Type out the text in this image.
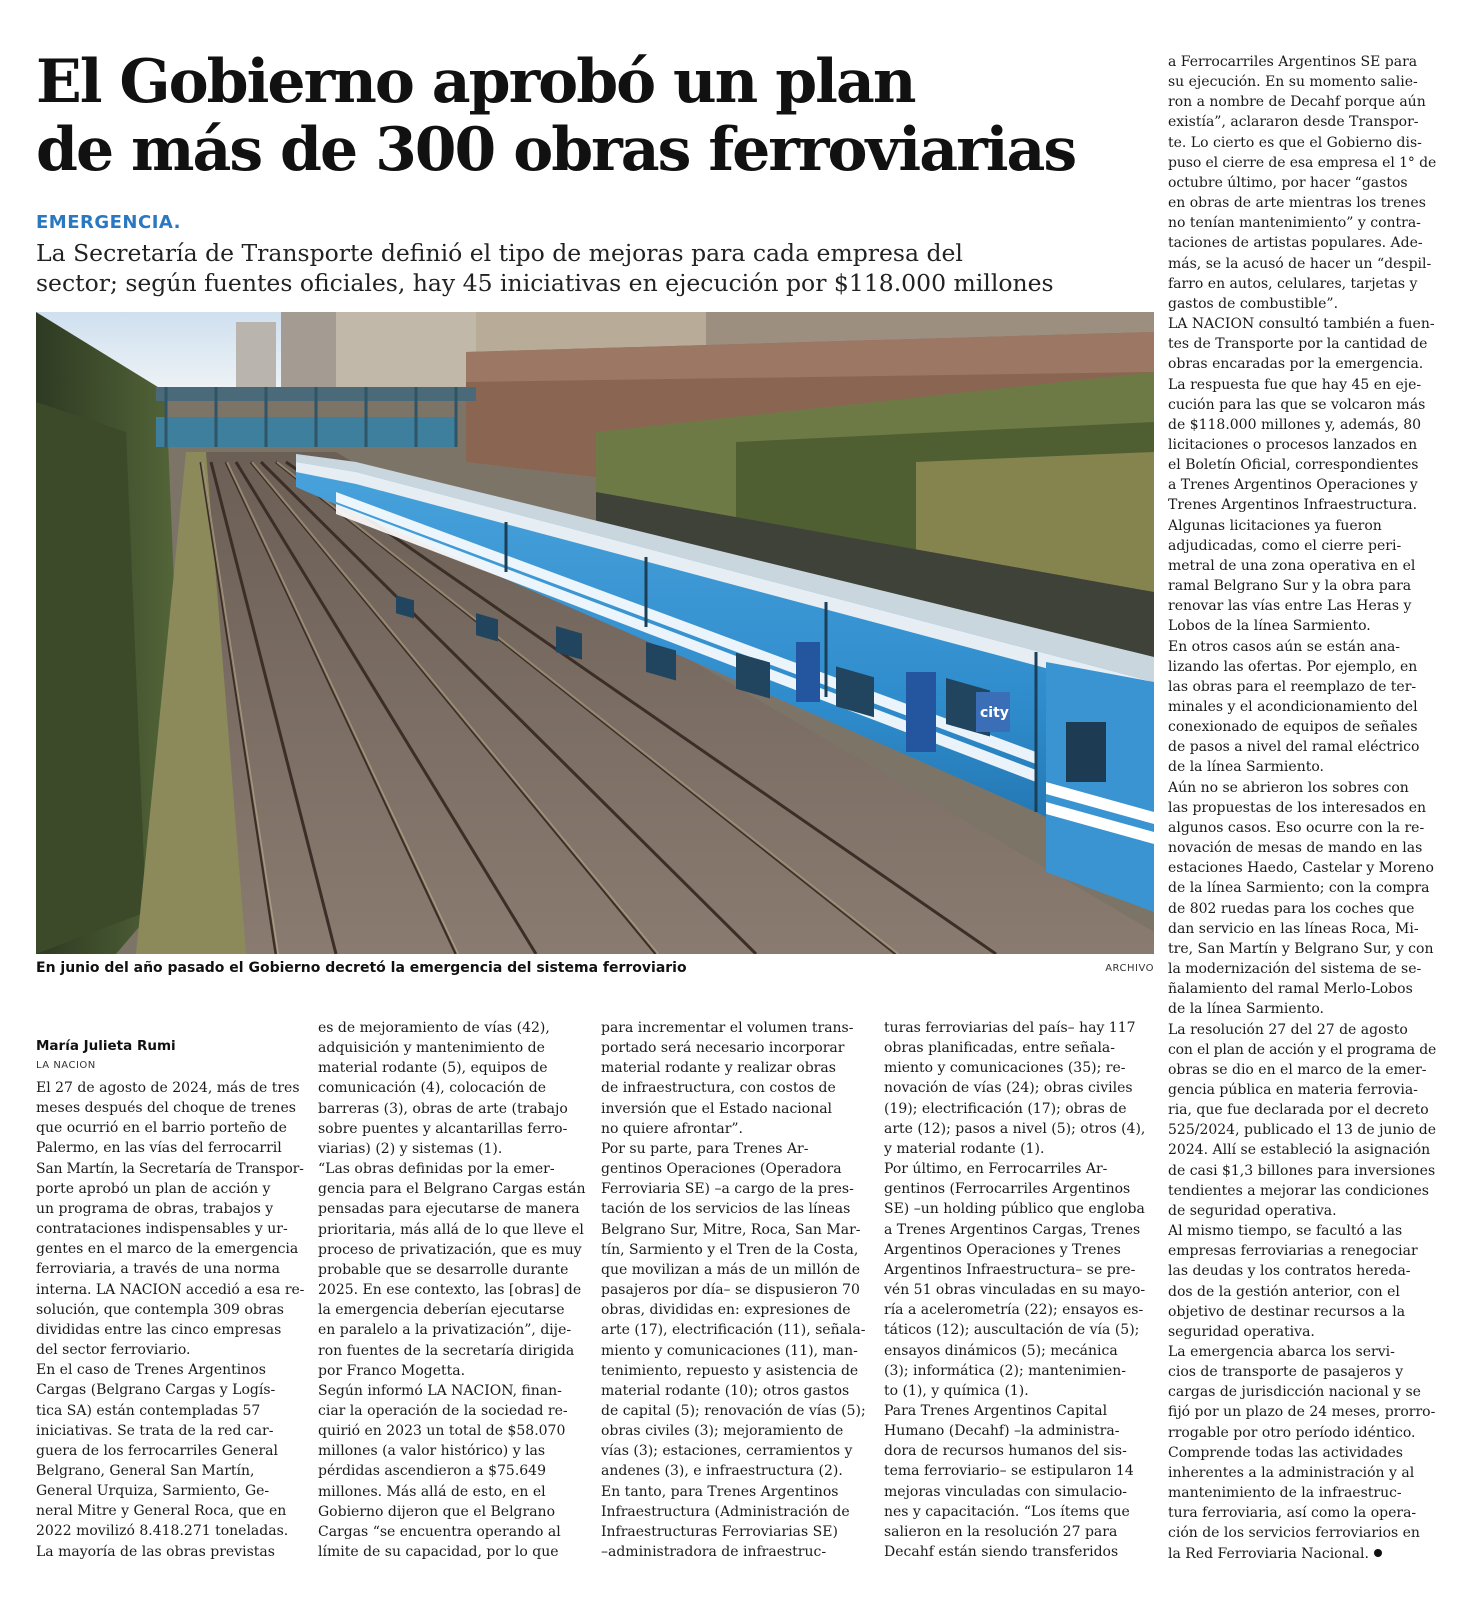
El Gobierno aprobó un plan
de más de 300 obras ferroviarias
EMERGENCIA.
La Secretaría de Transporte definió el tipo de mejoras para cada empresa del
sector; según fuentes oficiales, hay 45 iniciativas en ejecución por $118.000 millones
city
En junio del año pasado el Gobierno decretó la emergencia del sistema ferroviario	ARCHIVO
María Julieta Rumi
LA NACION
El 27 de agosto de 2024, más de tres
meses después del choque de trenes
que ocurrió en el barrio porteño de
Palermo, en las vías del ferrocarril
San Martín, la Secretaría de Transpor-
porte aprobó un plan de acción y
un programa de obras, trabajos y
contrataciones indispensables y ur-
gentes en el marco de la emergencia
ferroviaria, a través de una norma
interna. LA NACION accedió a esa re-
solución, que contempla 309 obras
divididas entre las cinco empresas
del sector ferroviario.
En el caso de Trenes Argentinos
Cargas (Belgrano Cargas y Logís-
tica SA) están contempladas 57
iniciativas. Se trata de la red car-
guera de los ferrocarriles General
Belgrano, General San Martín,
General Urquiza, Sarmiento, Ge-
neral Mitre y General Roca, que en
2022 movilizó 8.418.271 toneladas.
La mayoría de las obras previstas
es de mejoramiento de vías (42),
adquisición y mantenimiento de
material rodante (5), equipos de
comunicación (4), colocación de
barreras (3), obras de arte (trabajo
sobre puentes y alcantarillas ferro-
viarias) (2) y sistemas (1).
“Las obras definidas por la emer-
gencia para el Belgrano Cargas están
pensadas para ejecutarse de manera
prioritaria, más allá de lo que lleve el
proceso de privatización, que es muy
probable que se desarrolle durante
2025. En ese contexto, las [obras] de
la emergencia deberían ejecutarse
en paralelo a la privatización”, dije-
ron fuentes de la secretaría dirigida
por Franco Mogetta.
Según informó LA NACION, finan-
ciar la operación de la sociedad re-
quirió en 2023 un total de $58.070
millones (a valor histórico) y las
pérdidas ascendieron a $75.649
millones. Más allá de esto, en el
Gobierno dijeron que el Belgrano
Cargas “se encuentra operando al
límite de su capacidad, por lo que
para incrementar el volumen trans-
portado será necesario incorporar
material rodante y realizar obras
de infraestructura, con costos de
inversión que el Estado nacional
no quiere afrontar”.
Por su parte, para Trenes Ar-
gentinos Operaciones (Operadora
Ferroviaria SE) –a cargo de la pres-
tación de los servicios de las líneas
Belgrano Sur, Mitre, Roca, San Mar-
tín, Sarmiento y el Tren de la Costa,
que movilizan a más de un millón de
pasajeros por día– se dispusieron 70
obras, divididas en: expresiones de
arte (17), electrificación (11), señala-
miento y comunicaciones (11), man-
tenimiento, repuesto y asistencia de
material rodante (10); otros gastos
de capital (5); renovación de vías (5);
obras civiles (3); mejoramiento de
vías (3); estaciones, cerramientos y
andenes (3), e infraestructura (2).
En tanto, para Trenes Argentinos
Infraestructura (Administración de
Infraestructuras Ferroviarias SE)
–administradora de infraestruc-
turas ferroviarias del país– hay 117
obras planificadas, entre señala-
miento y comunicaciones (35); re-
novación de vías (24); obras civiles
(19); electrificación (17); obras de
arte (12); pasos a nivel (5); otros (4),
y material rodante (1).
Por último, en Ferrocarriles Ar-
gentinos (Ferrocarriles Argentinos
SE) –un holding público que engloba
a Trenes Argentinos Cargas, Trenes
Argentinos Operaciones y Trenes
Argentinos Infraestructura– se pre-
vén 51 obras vinculadas en su mayo-
ría a acelerometría (22); ensayos es-
táticos (12); auscultación de vía (5);
ensayos dinámicos (5); mecánica
(3); informática (2); mantenimien-
to (1), y química (1).
Para Trenes Argentinos Capital
Humano (Decahf) –la administra-
dora de recursos humanos del sis-
tema ferroviario– se estipularon 14
mejoras vinculadas con simulacio-
nes y capacitación. “Los ítems que
salieron en la resolución 27 para
Decahf están siendo transferidos
a Ferrocarriles Argentinos SE para
su ejecución. En su momento salie-
ron a nombre de Decahf porque aún
existía”, aclararon desde Transpor-
te. Lo cierto es que el Gobierno dis-
puso el cierre de esa empresa el 1° de
octubre último, por hacer “gastos
en obras de arte mientras los trenes
no tenían mantenimiento” y contra-
taciones de artistas populares. Ade-
más, se la acusó de hacer un “despil-
farro en autos, celulares, tarjetas y
gastos de combustible”.
LA NACION consultó también a fuen-
tes de Transporte por la cantidad de
obras encaradas por la emergencia.
La respuesta fue que hay 45 en eje-
cución para las que se volcaron más
de $118.000 millones y, además, 80
licitaciones o procesos lanzados en
el Boletín Oficial, correspondientes
a Trenes Argentinos Operaciones y
Trenes Argentinos Infraestructura.
Algunas licitaciones ya fueron
adjudicadas, como el cierre peri-
metral de una zona operativa en el
ramal Belgrano Sur y la obra para
renovar las vías entre Las Heras y
Lobos de la línea Sarmiento.
En otros casos aún se están ana-
lizando las ofertas. Por ejemplo, en
las obras para el reemplazo de ter-
minales y el acondicionamiento del
conexionado de equipos de señales
de pasos a nivel del ramal eléctrico
de la línea Sarmiento.
Aún no se abrieron los sobres con
las propuestas de los interesados en
algunos casos. Eso ocurre con la re-
novación de mesas de mando en las
estaciones Haedo, Castelar y Moreno
de la línea Sarmiento; con la compra
de 802 ruedas para los coches que
dan servicio en las líneas Roca, Mi-
tre, San Martín y Belgrano Sur, y con
la modernización del sistema de se-
ñalamiento del ramal Merlo-Lobos
de la línea Sarmiento.
La resolución 27 del 27 de agosto
con el plan de acción y el programa de
obras se dio en el marco de la emer-
gencia pública en materia ferrovia-
ria, que fue declarada por el decreto
525/2024, publicado el 13 de junio de
2024. Allí se estableció la asignación
de casi $1,3 billones para inversiones
tendientes a mejorar las condiciones
de seguridad operativa.
Al mismo tiempo, se facultó a las
empresas ferroviarias a renegociar
las deudas y los contratos hereda-
dos de la gestión anterior, con el
objetivo de destinar recursos a la
seguridad operativa.
La emergencia abarca los servi-
cios de transporte de pasajeros y
cargas de jurisdicción nacional y se
fijó por un plazo de 24 meses, prorro-
rrogable por otro período idéntico.
Comprende todas las actividades
inherentes a la administración y al
mantenimiento de la infraestruc-
tura ferroviaria, así como la opera-
ción de los servicios ferroviarios en
la Red Ferroviaria Nacional.
